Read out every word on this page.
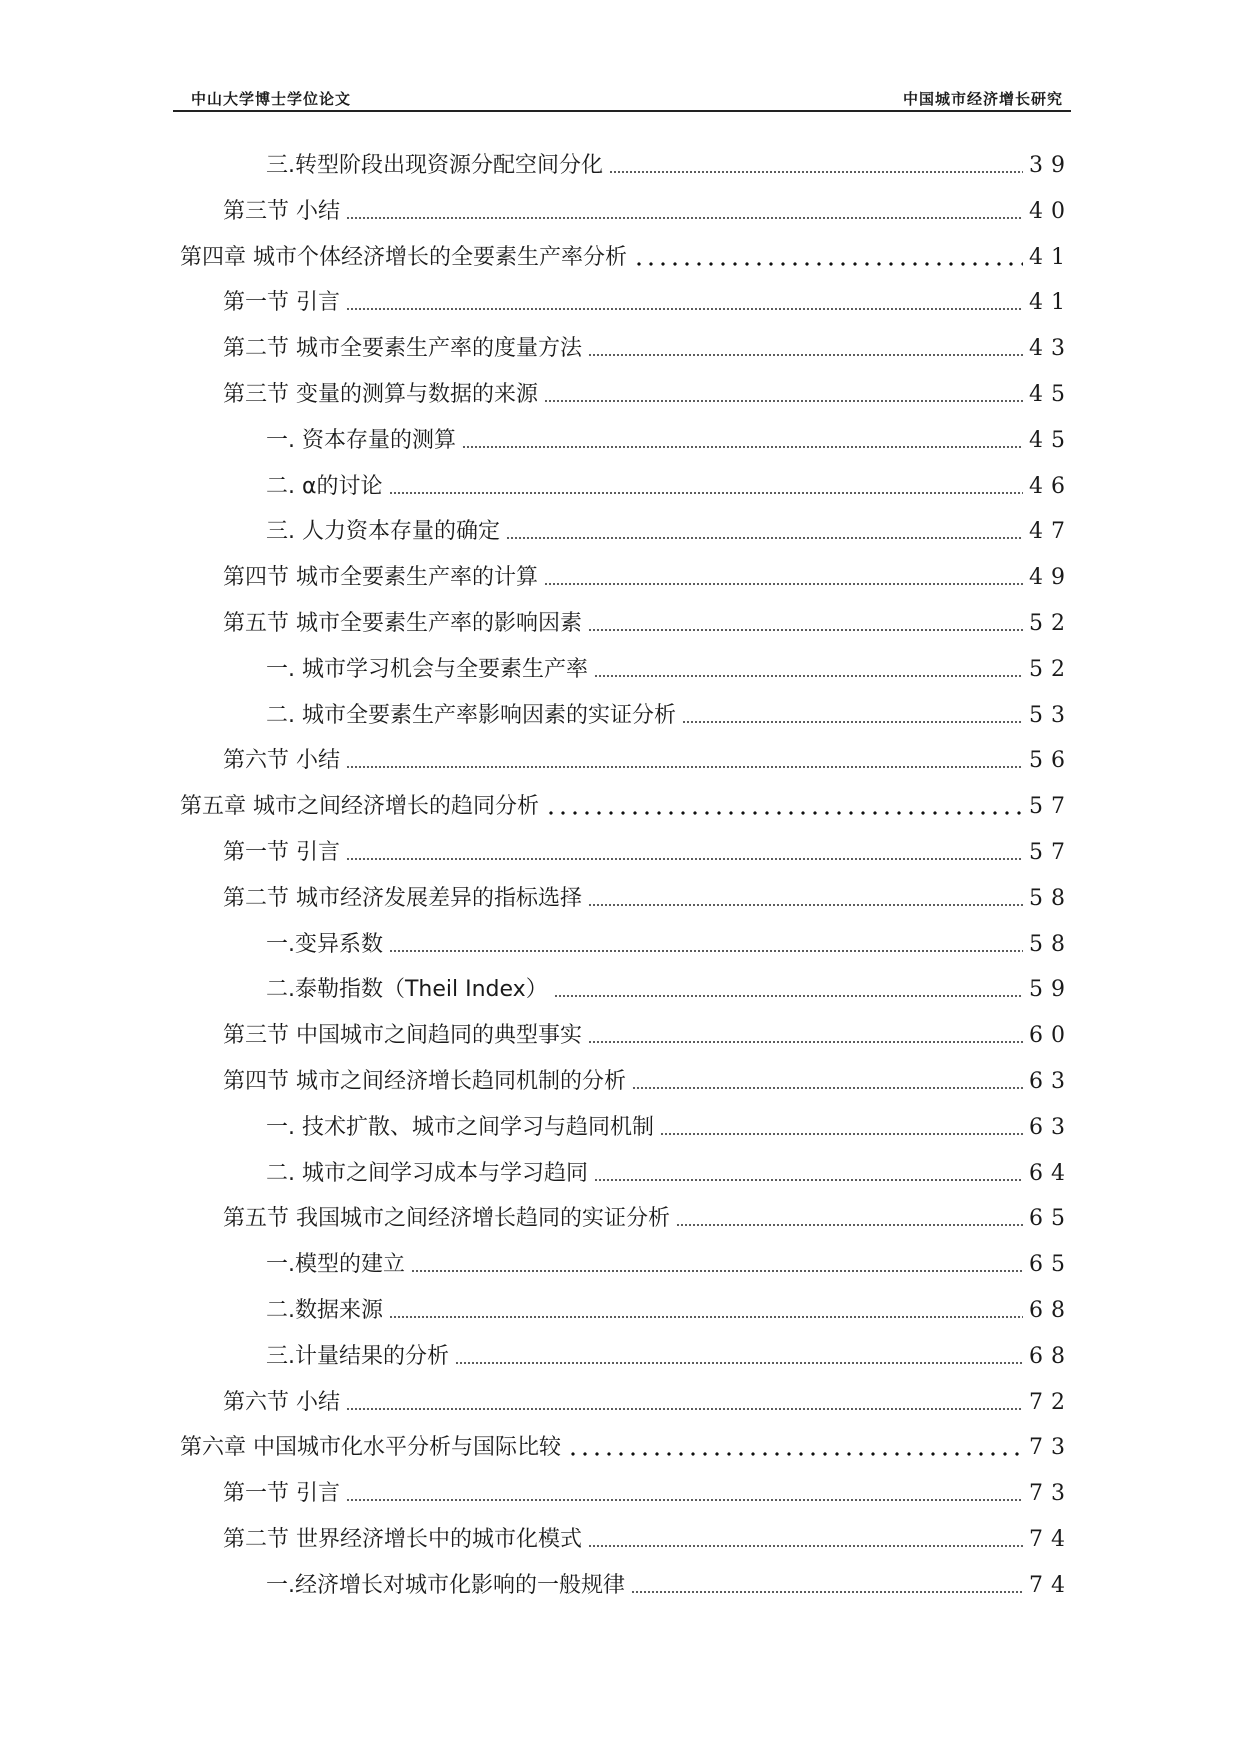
中山大学博士学位论文	中国城市经济增长研究
三.转型阶段出现资源分配空间分化	39
第三节 小结	40
第四章 城市个体经济增长的全要素生产率分析	41
第一节 引言	41
第二节 城市全要素生产率的度量方法	43
第三节 变量的测算与数据的来源	45
一. 资本存量的测算	45
二. α的讨论	46
三. 人力资本存量的确定	47
第四节 城市全要素生产率的计算	49
第五节 城市全要素生产率的影响因素	52
一. 城市学习机会与全要素生产率	52
二. 城市全要素生产率影响因素的实证分析	53
第六节 小结	56
第五章 城市之间经济增长的趋同分析	57
第一节 引言	57
第二节 城市经济发展差异的指标选择	58
一.变异系数	58
二.泰勒指数（Theil Index）	59
第三节 中国城市之间趋同的典型事实	60
第四节 城市之间经济增长趋同机制的分析	63
一. 技术扩散、城市之间学习与趋同机制	63
二. 城市之间学习成本与学习趋同	64
第五节 我国城市之间经济增长趋同的实证分析	65
一.模型的建立	65
二.数据来源	68
三.计量结果的分析	68
第六节 小结	72
第六章 中国城市化水平分析与国际比较	73
第一节 引言	73
第二节 世界经济增长中的城市化模式	74
一.经济增长对城市化影响的一般规律	74
